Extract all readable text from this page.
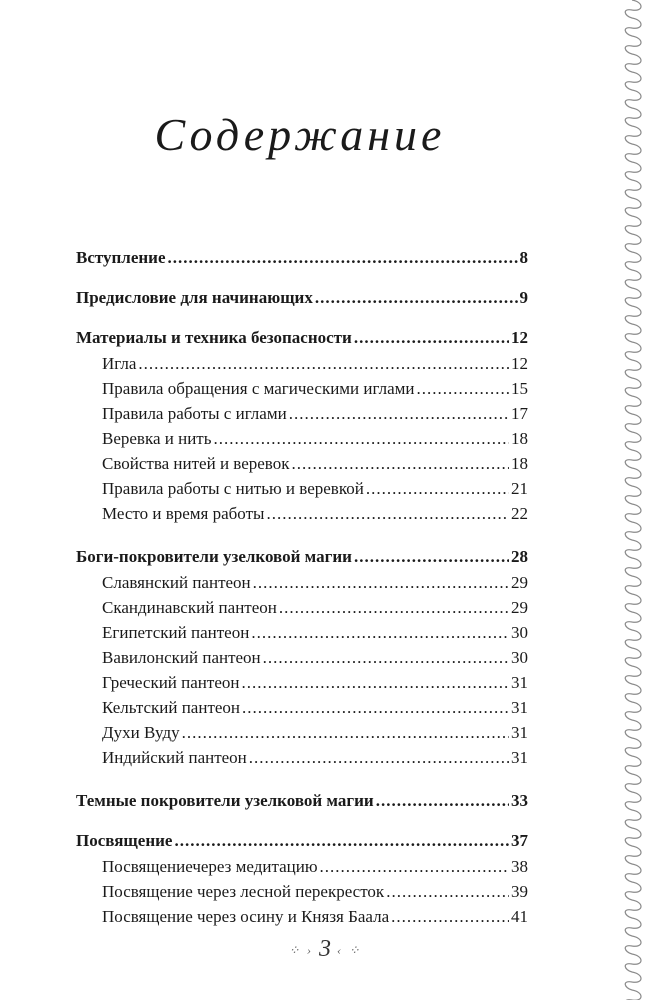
Содержание
Вступление .....	8
Предисловие для начинающих .....	9
Материалы и техника безопасности .....	12
Игла .....	12
Правила обращения с магическими иглами .....	15
Правила работы с иглами .....	17
Веревка и нить .....	18
Свойства нитей и веревок .....	18
Правила работы с нитью и веревкой .....	21
Место и время работы .....	22
Боги-покровители узелковой магии .....	28
Славянский пантеон .....	29
Скандинавский пантеон .....	29
Египетский пантеон .....	30
Вавилонский пантеон .....	30
Греческий пантеон .....	31
Кельтский пантеон .....	31
Духи Вуду .....	31
Индийский пантеон .....	31
Темные покровители узелковой магии .....	33
Посвящение .....	37
Посвящениечерез медитацию .....	38
Посвящение через лесной перекресток .....	39
Посвящение через осину и Князя Баала .....	41
⁘ › 3 ‹ ⁘
